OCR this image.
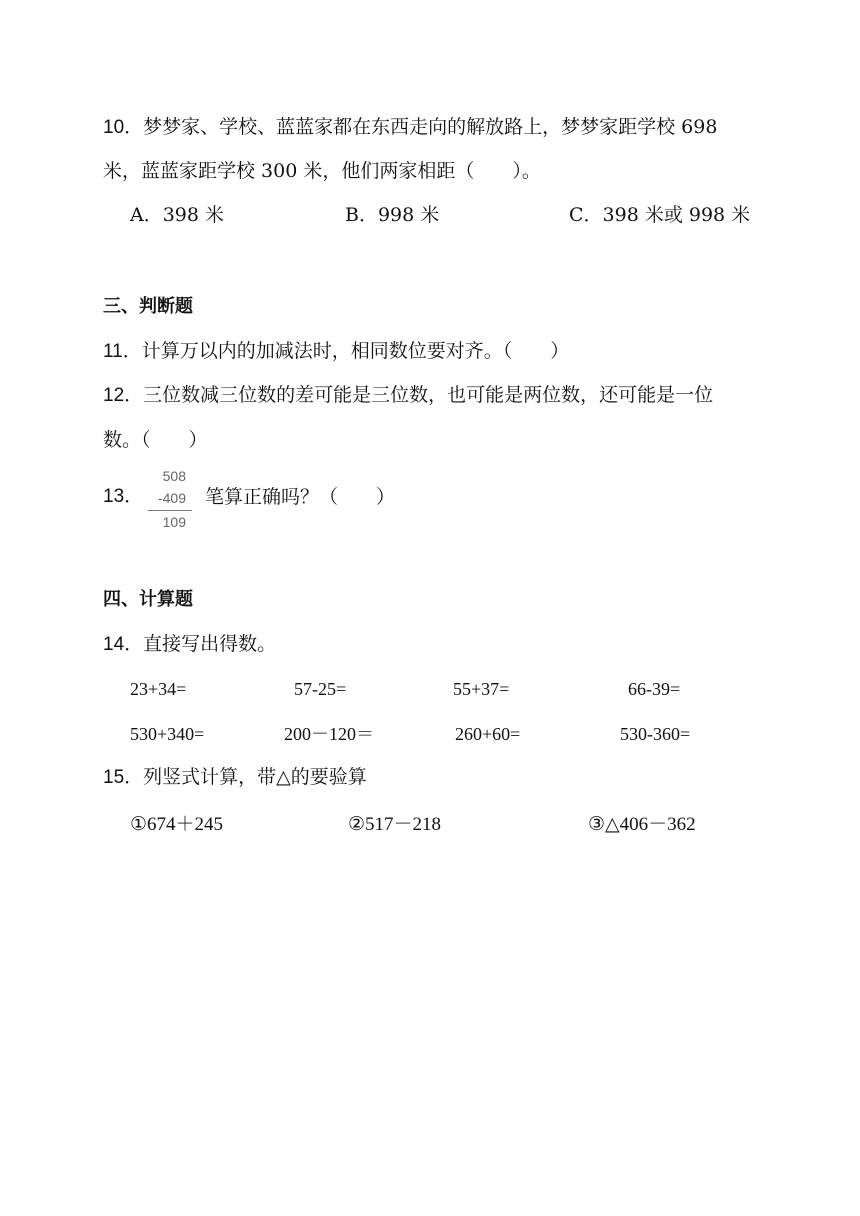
10．梦梦家、学校、蓝蓝家都在东西走向的解放路上，梦梦家距学校 698
米，蓝蓝家距学校 300 米，他们两家相距（　　）。
A．398 米	B．998 米	C．398 米或 998 米
三、判断题
11．计算万以内的加减法时，相同数位要对齐。（　　）
12．三位数减三位数的差可能是三位数，也可能是两位数，还可能是一位
数。（　　）
13．
508
-409
109
笔算正确吗？（　　）
四、计算题
14．直接写出得数。
23+34=	57-25=	55+37=	66-39=
530+340=	200－120＝	260+60=	530-360=
15．列竖式计算，带△的要验算
①674＋245	②517－218	③△406－362
